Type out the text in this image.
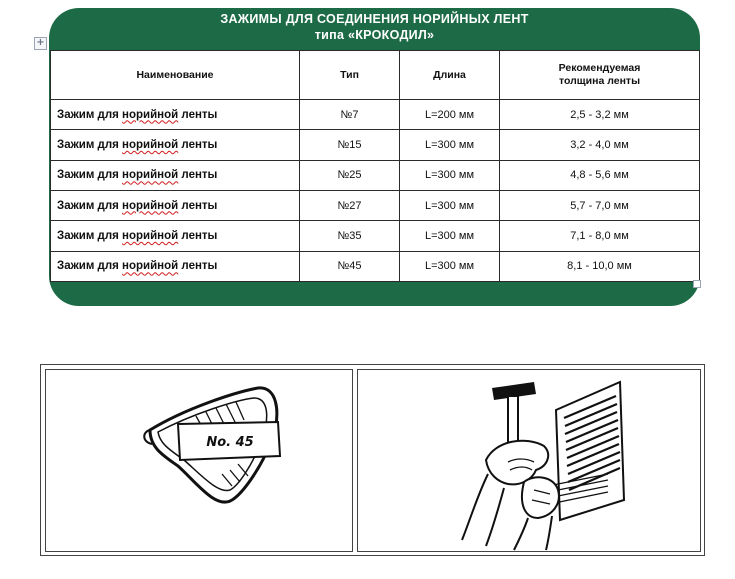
+
ЗАЖИМЫ ДЛЯ СОЕДИНЕНИЯ НОРИЙНЫХ ЛЕНТ
типа «КРОКОДИЛ»
Наименование	Тип	Длина	Рекомендуемая
толщина ленты
Зажим для норийной ленты	№7	L=200 мм	2,5 - 3,2 мм
Зажим для норийной ленты	№15	L=300 мм	3,2 - 4,0 мм
Зажим для норийной ленты	№25	L=300 мм	4,8 - 5,6 мм
Зажим для норийной ленты	№27	L=300 мм	5,7 - 7,0 мм
Зажим для норийной ленты	№35	L=300 мм	7,1 - 8,0 мм
Зажим для норийной ленты	№45	L=300 мм	8,1 - 10,0 мм
No. 45
